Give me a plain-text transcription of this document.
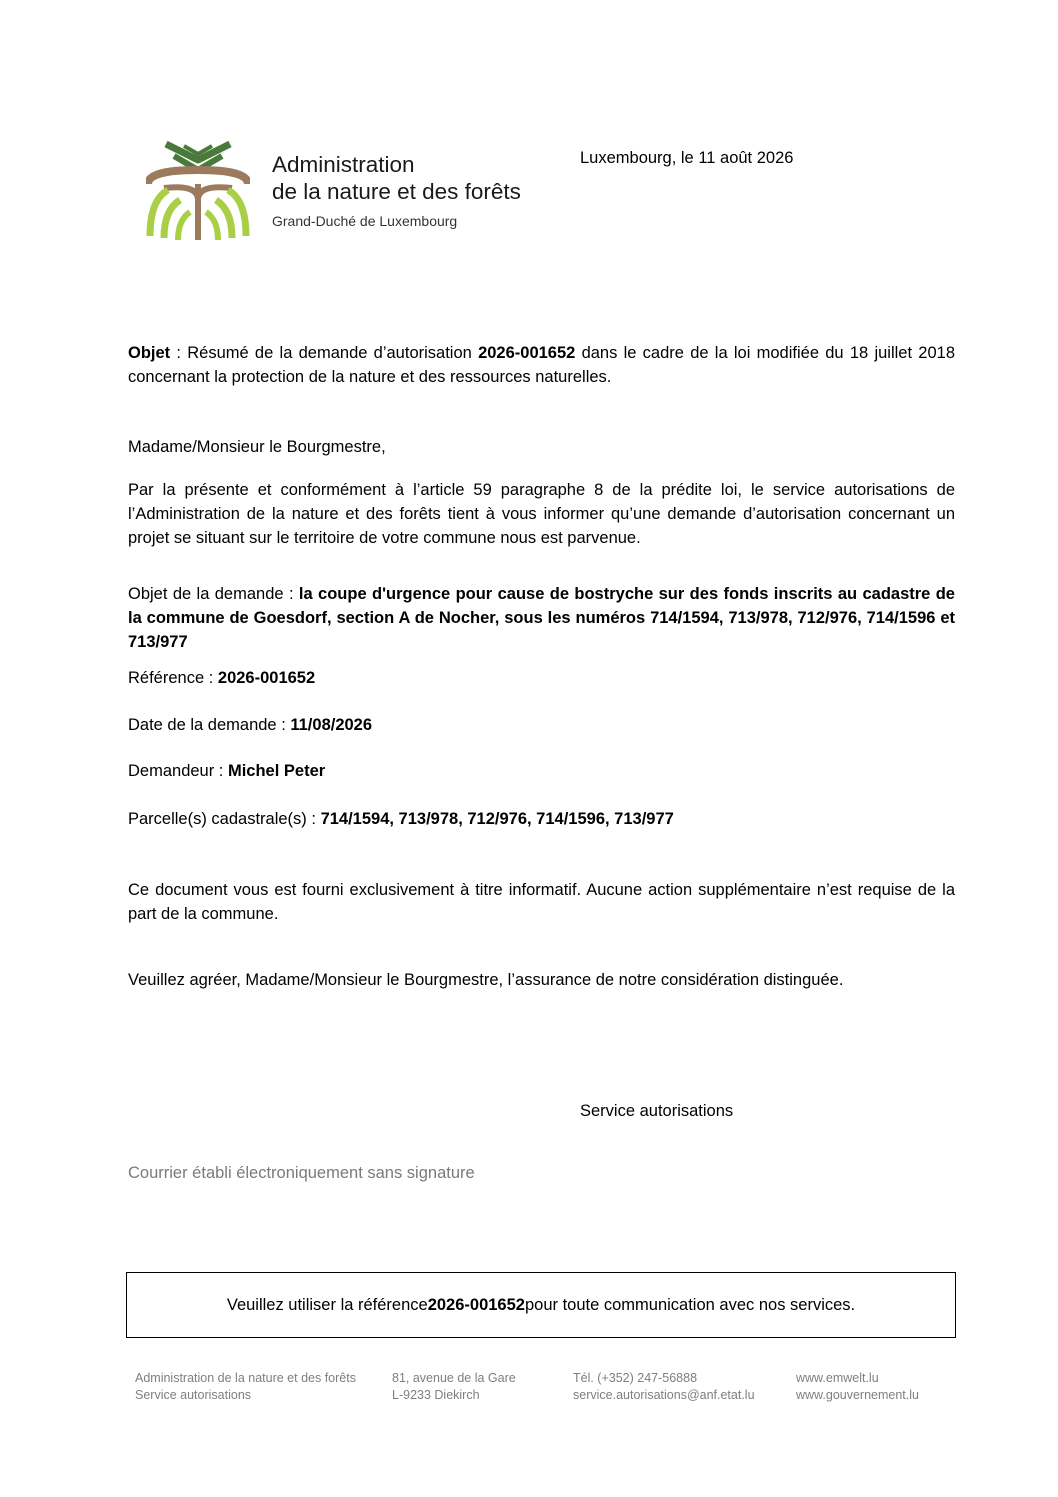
Administration
de la nature et des forêts
Grand-Duché de Luxembourg
Luxembourg, le 11 août 2026
Objet : Résumé de la demande d’autorisation 2026-001652 dans le cadre de la loi modifiée du 18 juillet 2018 concernant la protection de la nature et des ressources naturelles.
Madame/Monsieur le Bourgmestre,
Par la présente et conformément à l’article 59 paragraphe 8 de la prédite loi, le service autorisations de l’Administration de la nature et des forêts tient à vous informer qu’une demande d’autorisation concernant un projet se situant sur le territoire de votre commune nous est parvenue.
Objet de la demande : la coupe d'urgence pour cause de bostryche sur des fonds inscrits au cadastre de la commune de Goesdorf, section A de Nocher, sous les numéros 714/1594, 713/978, 712/976, 714/1596 et 713/977
Référence : 2026-001652
Date de la demande : 11/08/2026
Demandeur : Michel Peter
Parcelle(s) cadastrale(s) : 714/1594, 713/978, 712/976, 714/1596, 713/977
Ce document vous est fourni exclusivement à titre informatif. Aucune action supplémentaire n’est requise de la part de la commune.
Veuillez agréer, Madame/Monsieur le Bourgmestre, l’assurance de notre considération distinguée.
Service autorisations
Courrier établi électroniquement sans signature
Veuillez utiliser la référence 2026-001652 pour toute communication avec nos services.
Administration de la nature et des forêts
Service autorisations
81, avenue de la Gare
L-9233 Diekirch
Tél. (+352) 247-56888
service.autorisations@anf.etat.lu
www.emwelt.lu
www.gouvernement.lu
